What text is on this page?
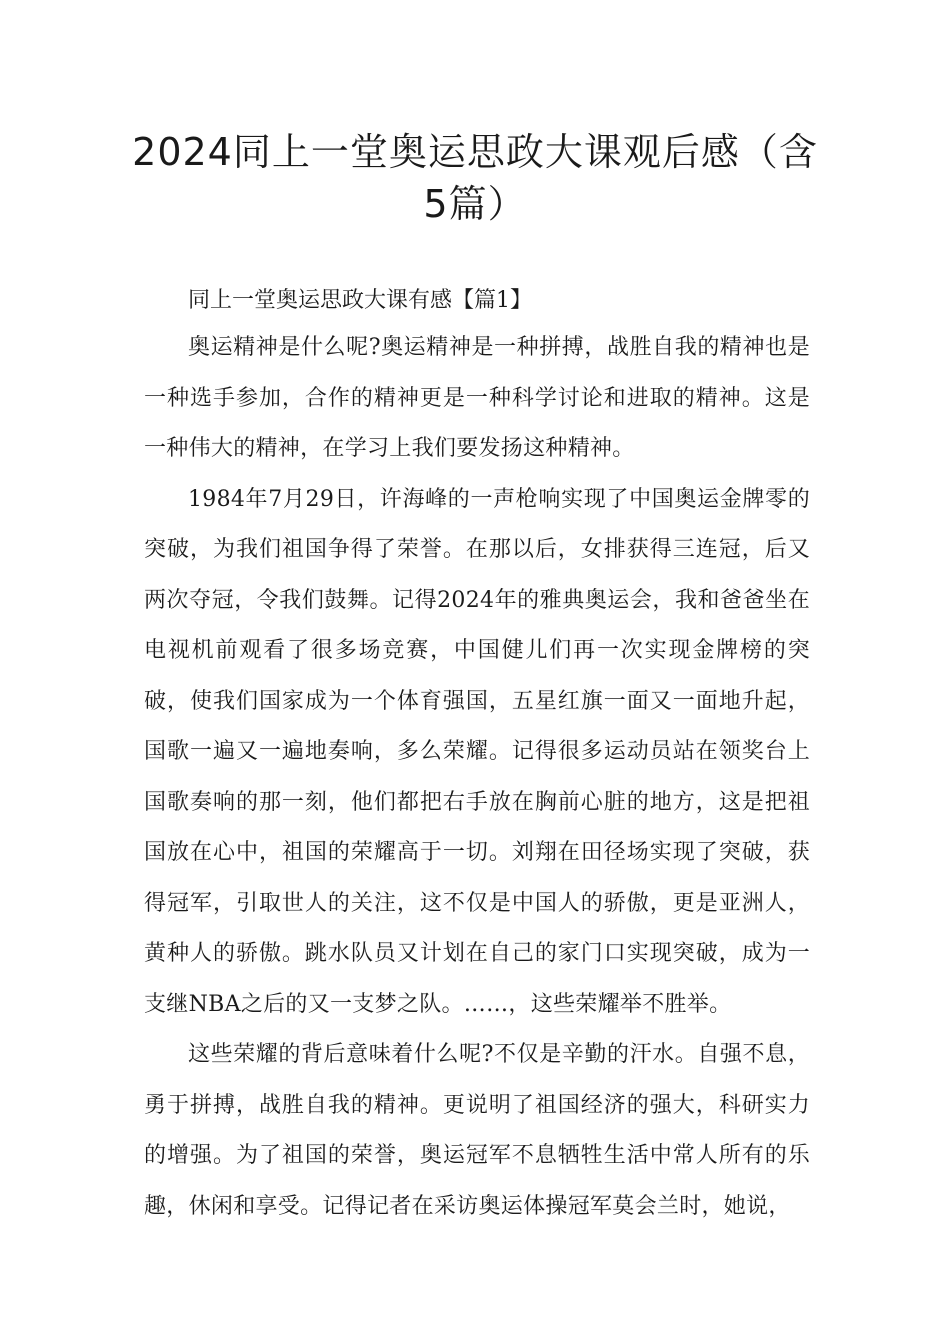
2024同上一堂奥运思政大课观后感（含
5篇）

同上一堂奥运思政大课有感【篇1】

奥运精神是什么呢?奥运精神是一种拼搏，战胜自我的精神也是一种选手参加，合作的精神更是一种科学讨论和进取的精神。这是一种伟大的精神，在学习上我们要发扬这种精神。

1984年7月29日，许海峰的一声枪响实现了中国奥运金牌零的突破，为我们祖国争得了荣誉。在那以后，女排获得三连冠，后又两次夺冠，令我们鼓舞。记得2024年的雅典奥运会，我和爸爸坐在电视机前观看了很多场竞赛，中国健儿们再一次实现金牌榜的突破，使我们国家成为一个体育强国，五星红旗一面又一面地升起，国歌一遍又一遍地奏响，多么荣耀。记得很多运动员站在领奖台上国歌奏响的那一刻，他们都把右手放在胸前心脏的地方，这是把祖国放在心中，祖国的荣耀高于一切。刘翔在田径场实现了突破，获得冠军，引取世人的关注，这不仅是中国人的骄傲，更是亚洲人，黄种人的骄傲。跳水队员又计划在自己的家门口实现突破，成为一支继NBA之后的又一支梦之队。……，这些荣耀举不胜举。

这些荣耀的背后意味着什么呢?不仅是辛勤的汗水。自强不息，勇于拼搏，战胜自我的精神。更说明了祖国经济的强大，科研实力的增强。为了祖国的荣誉，奥运冠军不息牺牲生活中常人所有的乐趣，休闲和享受。记得记者在采访奥运体操冠军莫会兰时，她说，
